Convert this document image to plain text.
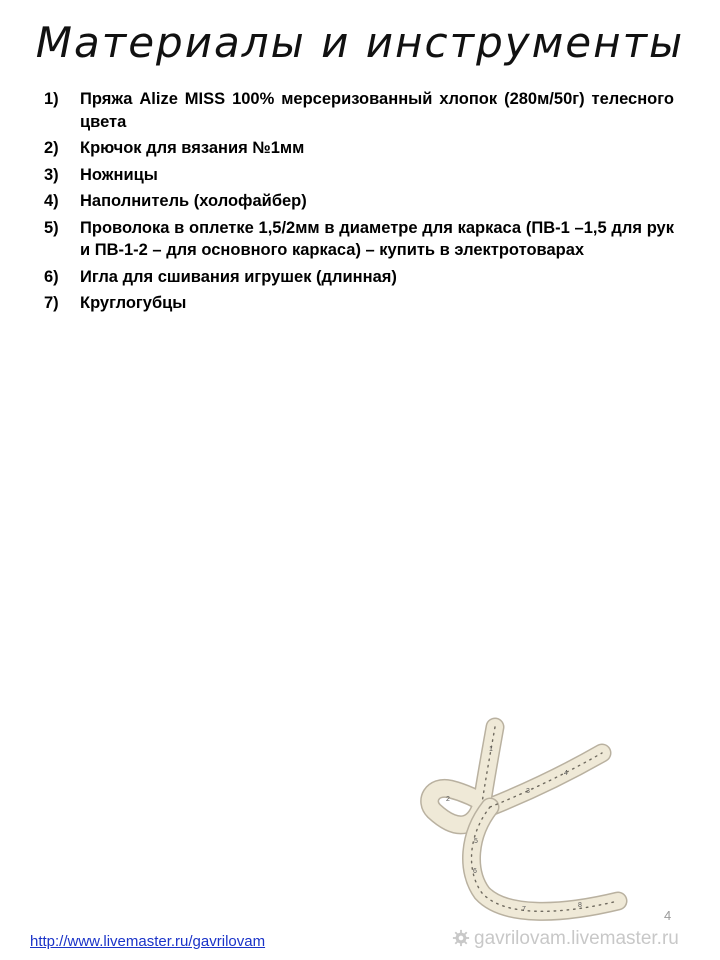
Материалы и инструменты
1)	Пряжа Alize MISS 100% мерсеризованный хлопок (280м/50г) телесного цвета
2)	Крючок для вязания №1мм
3)	Ножницы
4)	Наполнитель (холофайбер)
5)	Проволока в оплетке 1,5/2мм в диаметре для каркаса (ПВ-1 –1,5 для рук и ПВ-1-2 – для основного каркаса) – купить в электротоварах
6)	Игла для сшивания игрушек (длинная)
7)	Круглогубцы
1
2
3
4
5
6
7
8
4
http://www.livemaster.ru/gavrilovam	gavrilovam.livemaster.ru
